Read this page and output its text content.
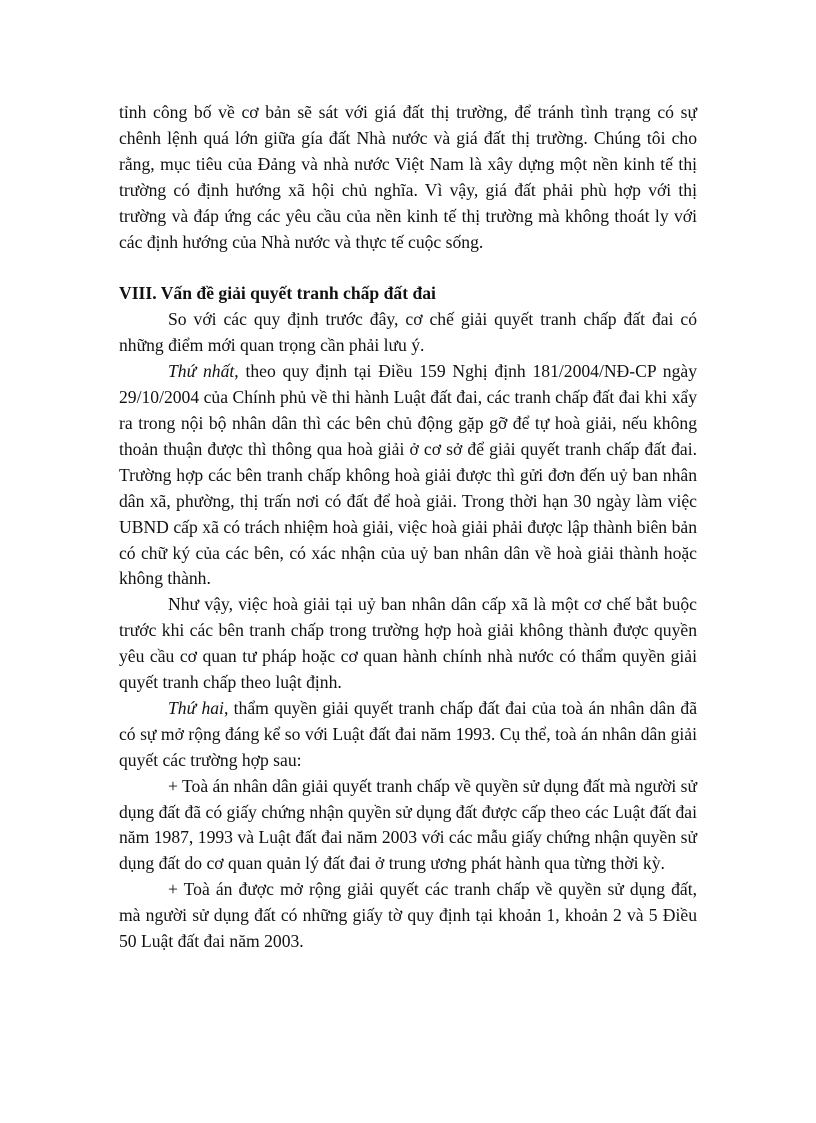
tỉnh công bố về cơ bản sẽ sát với giá đất thị trường, để tránh tình trạng có sự chênh lệnh quá lớn giữa gía đất Nhà nước và giá đất thị trường. Chúng tôi cho rằng, mục tiêu của Đảng và nhà nước Việt Nam là xây dựng một nền kinh tế thị trường có định hướng xã hội chủ nghĩa. Vì vậy, giá đất phải phù hợp với thị trường và đáp ứng các yêu cầu của nền kinh tế thị trường mà không thoát ly với các định hướng của Nhà nước và thực tế cuộc sống.

VIII. Vấn đề giải quyết tranh chấp đất đai

So với các quy định trước đây, cơ chế giải quyết tranh chấp đất đai có những điểm mới quan trọng cần phải lưu ý.

Thứ nhất, theo quy định tại Điều 159 Nghị định 181/2004/NĐ-CP ngày 29/10/2004 của Chính phủ về thi hành Luật đất đai, các tranh chấp đất đai khi xẩy ra trong nội bộ nhân dân thì các bên chủ động gặp gỡ để tự hoà giải, nếu không thoản thuận được thì thông qua hoà giải ở cơ sở để giải quyết tranh chấp đất đai. Trường hợp các bên tranh chấp không hoà giải được thì gửi đơn đến uỷ ban nhân dân xã, phường, thị trấn nơi có đất để hoà giải. Trong thời hạn 30 ngày làm việc UBND cấp xã có trách nhiệm hoà giải, việc hoà giải phải được lập thành biên bản có chữ ký của các bên, có xác nhận của uỷ ban nhân dân về hoà giải thành hoặc không thành.

Như vậy, việc hoà giải tại uỷ ban nhân dân cấp xã là một cơ chế bắt buộc trước khi các bên tranh chấp trong trường hợp hoà giải không thành được quyền yêu cầu cơ quan tư pháp hoặc cơ quan hành chính nhà nước có thẩm quyền giải quyết tranh chấp theo luật định.

Thứ hai, thẩm quyền giải quyết tranh chấp đất đai của toà án nhân dân đã có sự mở rộng đáng kể so với Luật đất đai năm 1993. Cụ thể, toà án nhân dân giải quyết các trường hợp sau:

+ Toà án nhân dân giải quyết tranh chấp về quyền sử dụng đất mà người sử dụng đất đã có giấy chứng nhận quyền sử dụng đất được cấp theo các Luật đất đai năm 1987, 1993 và Luật đất đai năm 2003 với các mẫu giấy chứng nhận quyền sử dụng đất do cơ quan quản lý đất đai ở trung ương phát hành qua từng thời kỳ.

+ Toà án được mở rộng giải quyết các tranh chấp về quyền sử dụng đất, mà người sử dụng đất có những giấy tờ quy định tại khoản 1, khoản 2 và 5 Điều 50 Luật đất đai năm 2003.
